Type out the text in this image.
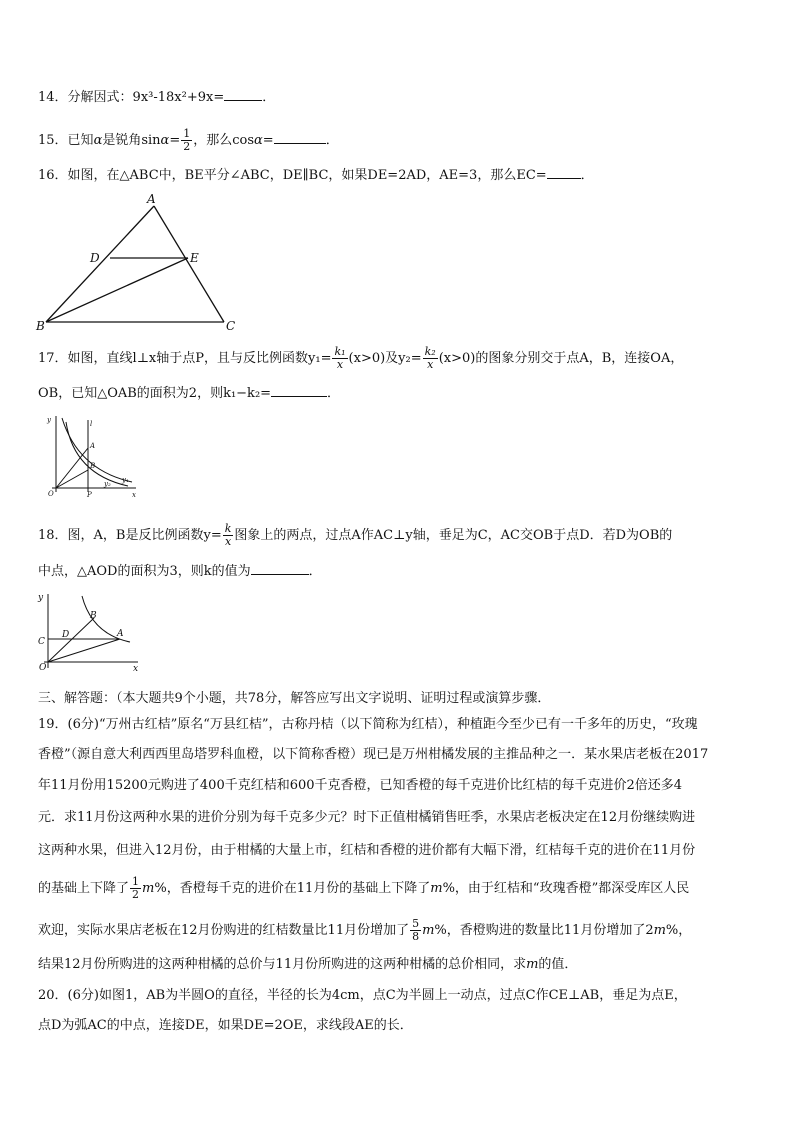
14．分解因式：9x³-18x²+9x=	．
15．已知α是锐角$\sin\alpha= \frac{1}{2}$ ，那么cosα=	．
16．如图，在△ABC中，BE平分∠ABC，DE∥BC，如果DE=2AD，AE=3，那么EC=	．
A
D	E
B	C
17．如图，直线l⊥x轴于点P，且与反比例函数$y_1= \frac{\text{k₁}}{x} (x>0)$及$y_2= \frac{\text{k₂}}{x} (x>0)$的图象分别交于点A，B，连接OA，
OB，已知△OAB的面积为2，则k₁−k₂=	．
y	l
A
B
y₁
y₂
O	P	x
18．图，A，B是反比例函数$y= \frac{k}{x}$ 图象上的两点，过点A作AC⊥y轴，垂足为C，AC交OB于点D．若D为OB的
中点，△AOD的面积为3，则k的值为	．
y
B
C
D	A
O	x
三、解答题：（本大题共9个小题，共78分，解答应写出文字说明、证明过程或演算步骤．
19．(6分)“万州古红桔”原名“万县红桔”，古称丹桔（以下简称为红桔），种植距今至少已有一千多年的历史，“玫瑰
香橙”（源自意大利西西里岛塔罗科血橙，以下简称香橙）现已是万州柑橘发展的主推品种之一．某水果店老板在2017
年11月份用15200元购进了400千克红桔和600千克香橙，已知香橙的每千克进价比红桔的每千克进价2倍还多4
元．求11月份这两种水果的进价分别为每千克多少元？时下正值柑橘销售旺季，水果店老板决定在12月份继续购进
这两种水果，但进入12月份，由于柑橘的大量上市，红桔和香橙的进价都有大幅下滑，红桔每千克的进价在11月份
的基础上下降了 $\frac{1}{2} m\%$，香橙每千克的进价在11月份的基础上下降了m%，由于红桔和“玫瑰香橙”都深受库区人民
欢迎，实际水果店老板在12月份购进的红桔数量比11月份增加了 $\frac{5}{8} m\%$，香橙购进的数量比11月份增加了2m%，
结果12月份所购进的这两种柑橘的总价与11月份所购进的这两种柑橘的总价相同，求m的值．
20．(6分)如图1，AB为半圆O的直径，半径的长为4cm，点C为半圆上一动点，过点C作CE⊥AB，垂足为点E，
点D为弧AC的中点，连接DE，如果DE=2OE，求线段AE的长．
